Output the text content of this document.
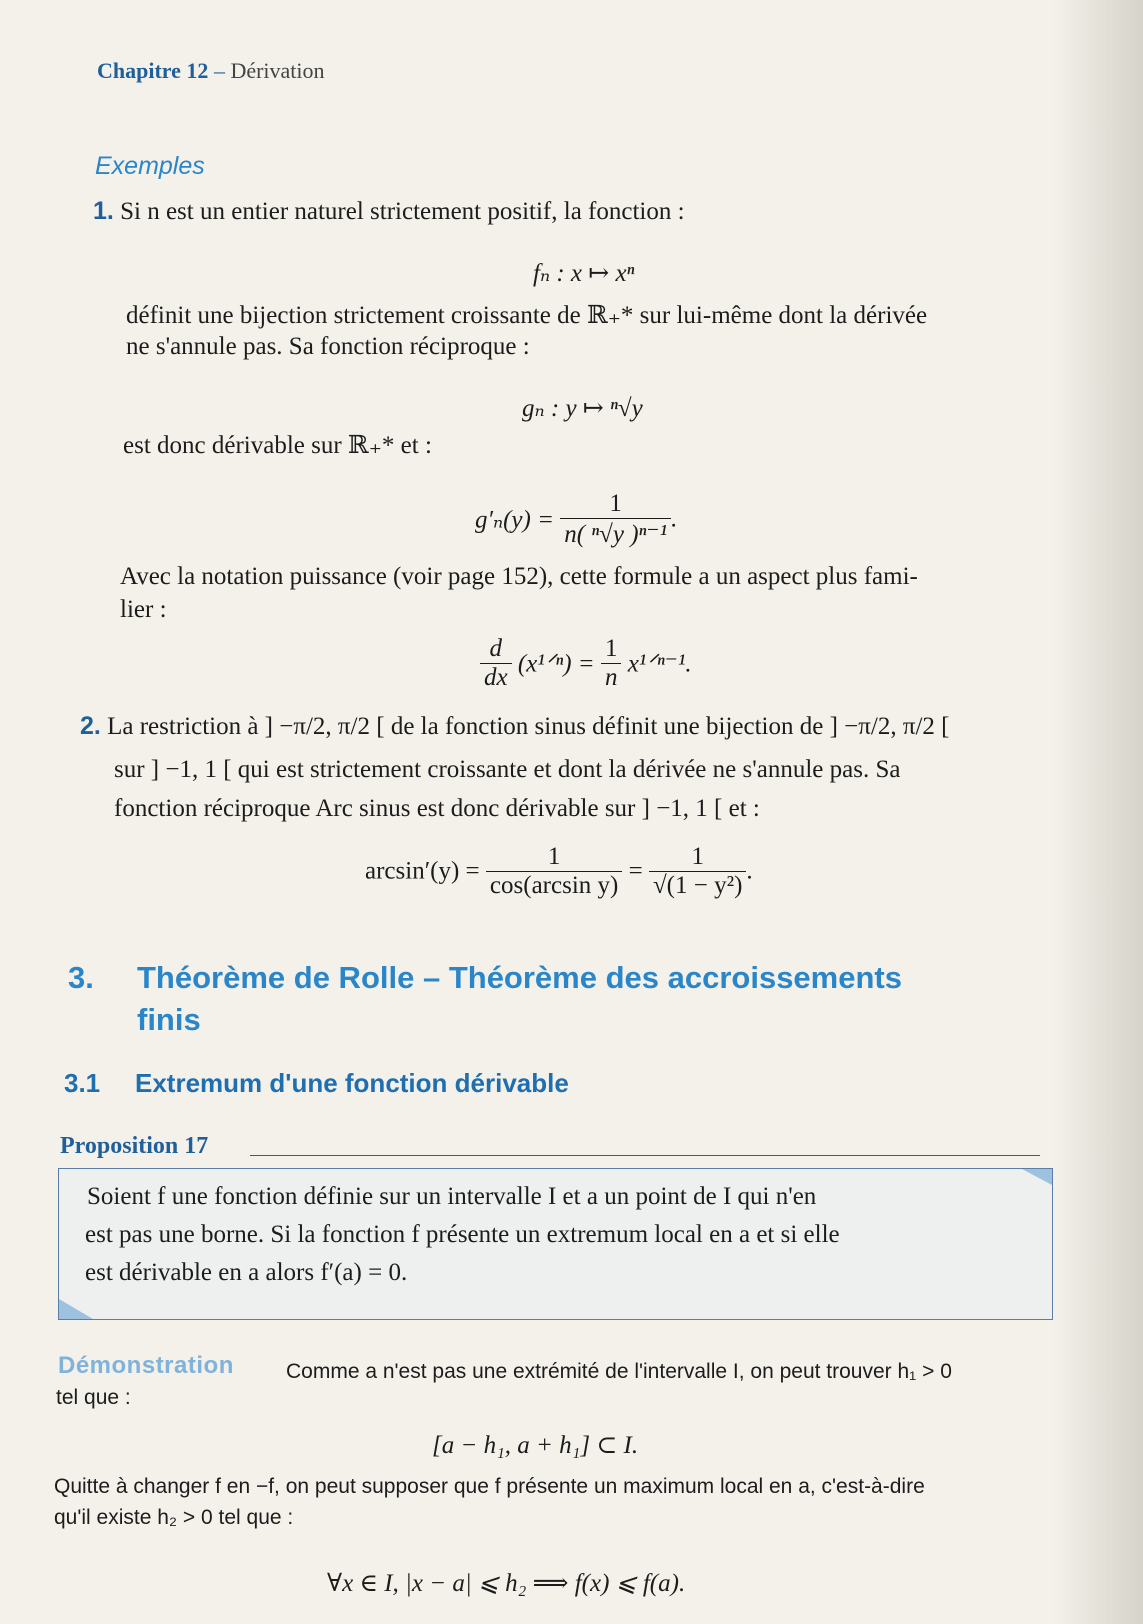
Chapitre 12 – Dérivation
Exemples
1. Si n est un entier naturel strictement positif, la fonction :
fₙ : x ↦ xⁿ
définit une bijection strictement croissante de ℝ₊* sur lui-même dont la dérivée
ne s'annule pas. Sa fonction réciproque :
gₙ : y ↦ ⁿ√y
est donc dérivable sur ℝ₊* et :
$g'_n(y) = \frac{1}{\text{n( ⁿ√y )ⁿ⁻¹}}$ .
Avec la notation puissance (voir page 152), cette formule a un aspect plus fami-
lier :
$\frac{d}{dx}$ (x¹ᐟⁿ) = $\frac{1}{n}$ x¹ᐟⁿ⁻¹.
2. La restriction à ] −π/2, π/2 [ de la fonction sinus définit une bijection de ] −π/2, π/2 [
sur ] −1, 1 [ qui est strictement croissante et dont la dérivée ne s'annule pas. Sa
fonction réciproque Arc sinus est donc dérivable sur ] −1, 1 [ et :
$\arcsin'(y) = \frac{1}{\text{cos(arcsin y)}} = \frac{1}{\text{√(1 − y²)}}$ .
3. Théorème de Rolle – Théorème des accroissements
finis
3.1 Extremum d'une fonction dérivable
Proposition 17
Soient f une fonction définie sur un intervalle I et a un point de I qui n'en
est pas une borne. Si la fonction f présente un extremum local en a et si elle
est dérivable en a alors f′(a) = 0.
Démonstration Comme a n'est pas une extrémité de l'intervalle I, on peut trouver h₁ > 0
tel que :
[a − h₁, a + h₁] ⊂ I.
Quitte à changer f en −f, on peut supposer que f présente un maximum local en a, c'est-à-dire
qu'il existe h₂ > 0 tel que :
∀x ∈ I, |x − a| ⩽ h₂ ⟹ f(x) ⩽ f(a).
